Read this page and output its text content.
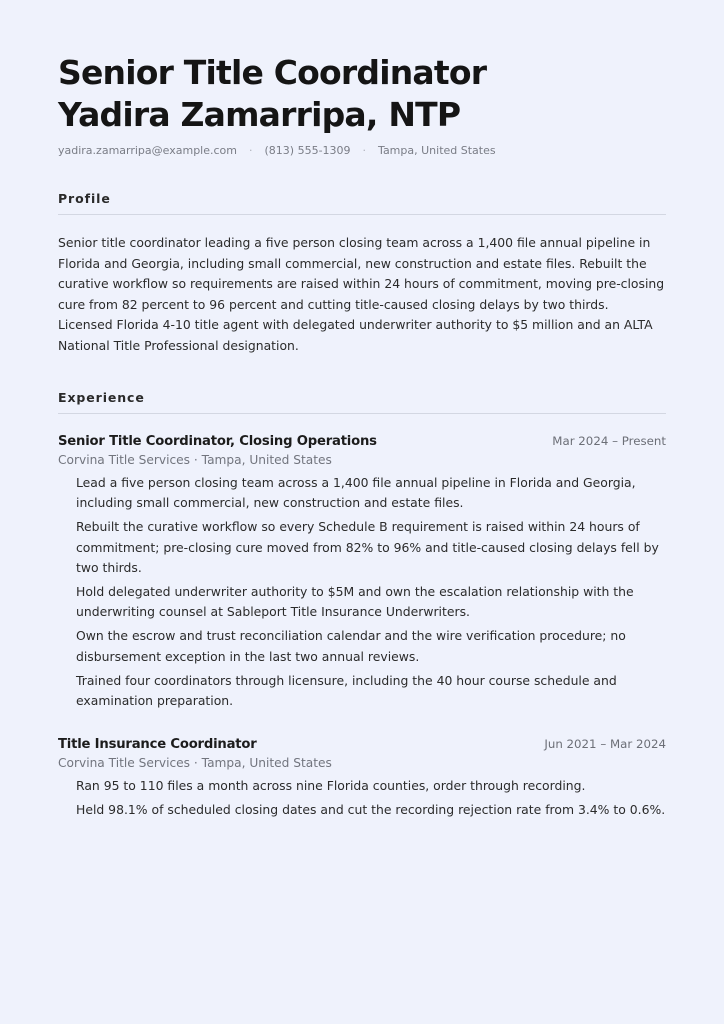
Senior Title Coordinator
Yadira Zamarripa, NTP
yadira.zamarripa@example.com · (813) 555-1309 · Tampa, United States
Profile
Senior title coordinator leading a five person closing team across a 1,400 file annual pipeline in Florida and Georgia, including small commercial, new construction and estate files. Rebuilt the curative workflow so requirements are raised within 24 hours of commitment, moving pre-closing cure from 82 percent to 96 percent and cutting title-caused closing delays by two thirds. Licensed Florida 4-10 title agent with delegated underwriter authority to $5 million and an ALTA National Title Professional designation.
Experience
Senior Title Coordinator, Closing Operations	Mar 2024 – Present
Corvina Title Services · Tampa, United States
Lead a five person closing team across a 1,400 file annual pipeline in Florida and Georgia, including small commercial, new construction and estate files.
Rebuilt the curative workflow so every Schedule B requirement is raised within 24 hours of commitment; pre-closing cure moved from 82% to 96% and title-caused closing delays fell by two thirds.
Hold delegated underwriter authority to $5M and own the escalation relationship with the underwriting counsel at Sableport Title Insurance Underwriters.
Own the escrow and trust reconciliation calendar and the wire verification procedure; no disbursement exception in the last two annual reviews.
Trained four coordinators through licensure, including the 40 hour course schedule and examination preparation.
Title Insurance Coordinator	Jun 2021 – Mar 2024
Corvina Title Services · Tampa, United States
Ran 95 to 110 files a month across nine Florida counties, order through recording.
Held 98.1% of scheduled closing dates and cut the recording rejection rate from 3.4% to 0.6%.
